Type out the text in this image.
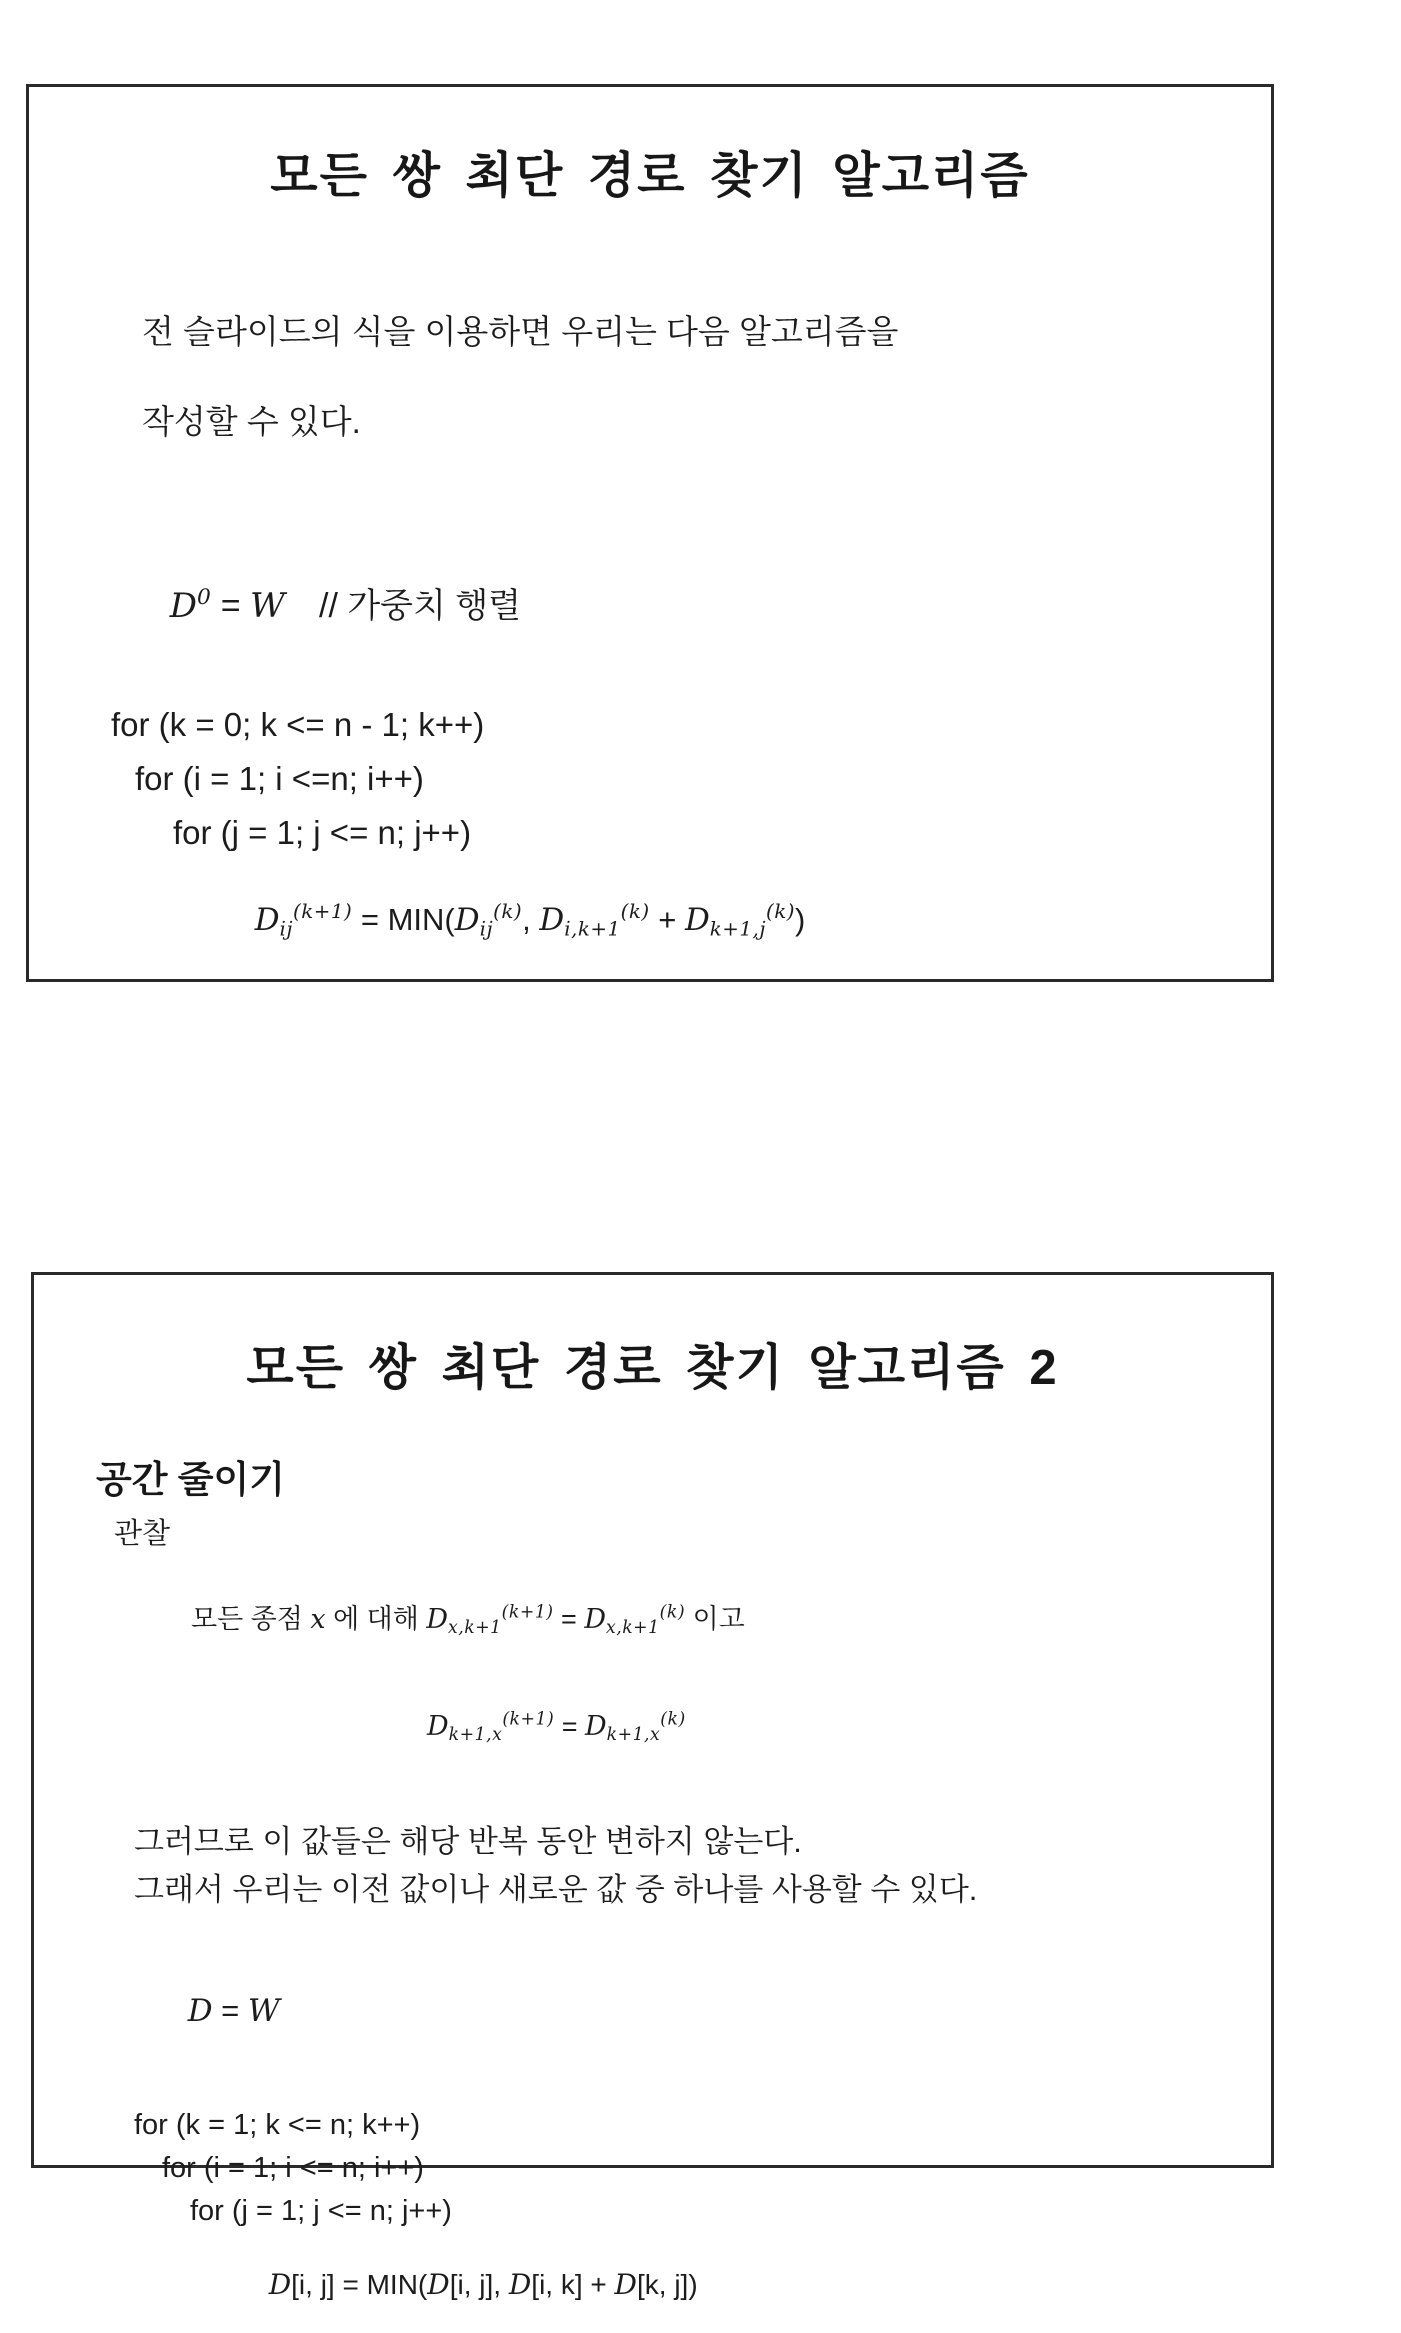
모든 쌍 최단 경로 찾기 알고리즘

전 슬라이드의 식을 이용하면 우리는 다음 알고리즘을

작성할 수 있다.

$D^0 = W$ // 가중치 행렬

for (k = 0; k <= n - 1; k++)
for (i = 1; i <=n; i++)
for (j = 1; j <= n; j++)

$D_{ij}^{(k+1)} = MIN(D_{ij}^{(k)}$, $D_{i,k+1}^{(k)} + D_{k+1,j}^{(k)}$)

모든 쌍 최단 경로 찾기 알고리즘 2
공간 줄이기
관찰

모든 종점 x 에 대해 $D_{x,k+1}^{(k+1)} = D_{x,k+1}^{(k)}$ 이고

$D_{k+1,x}^{(k+1)} = D_{k+1,x}^{(k)}$

그러므로 이 값들은 해당 반복 동안 변하지 않는다.
그래서 우리는 이전 값이나 새로운 값 중 하나를 사용할 수 있다.

D = W

for (k = 1; k <= n; k++)
for (i = 1; i <= n; i++)
for (j = 1; j <= n; j++)

D[i, j] = MIN(D[i, j], D[i, k] + D[k, j])
